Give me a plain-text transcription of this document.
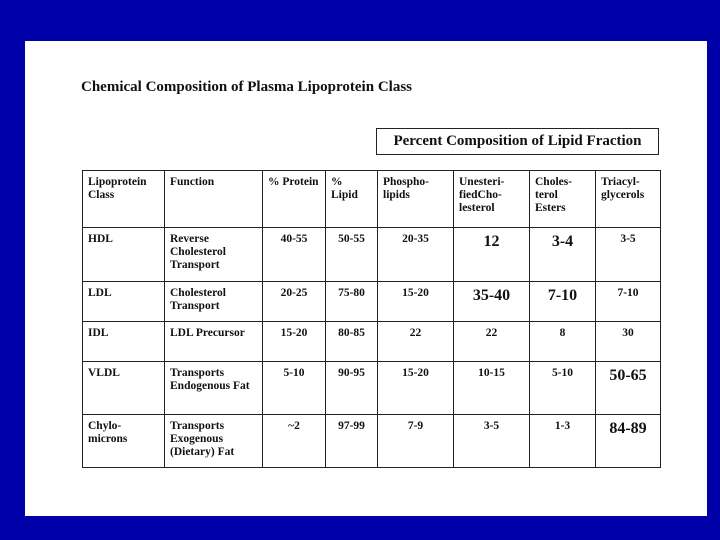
Chemical Composition of Plasma Lipoprotein Class
Percent Composition of Lipid Fraction
Lipoprotein Class	Function	% Protein	% Lipid	Phospho-lipids	Unesteri-fiedCho-lesterol	Choles-terol Esters	Triacyl-glycerols
HDL	Reverse Cholesterol Transport	40-55	50-55	20-35	12	3-4	3-5
LDL	Cholesterol Transport	20-25	75-80	15-20	35-40	7-10	7-10
IDL	LDL Precursor	15-20	80-85	22	22	8	30
VLDL	Transports Endogenous Fat	5-10	90-95	15-20	10-15	5-10	50-65
Chylo-microns	Transports Exogenous (Dietary) Fat	~2	97-99	7-9	3-5	1-3	84-89
